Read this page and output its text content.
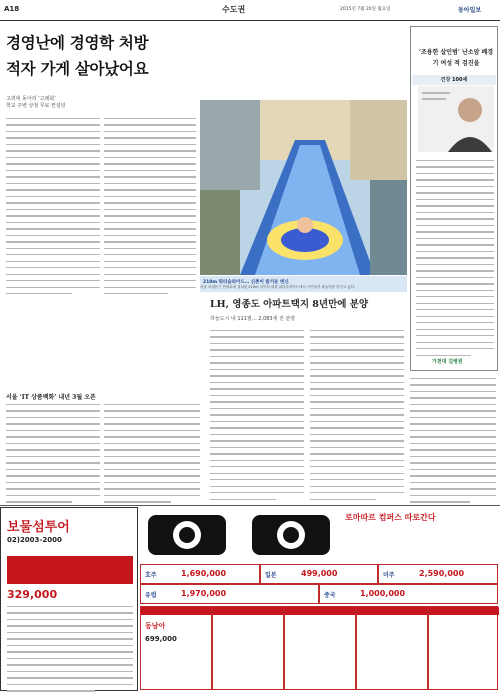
A18	수도권	2015년 7월 20일 월요일	동아일보
경영난에 경영학 처방
적자 가게 살아났어요
고려대 동아리 ‘고래회’
학교 주변 상점 무료 컨설팅
210m 워터슬라이드… 신촌이 즐거운 변신
서울 서대문구 연세로에 설치된 210m 길이의 대형 워터슬라이드에서 시민들이 물놀이를 즐기고 있다.
‘조용한 살인범’ 난소암 폐경기 여성 적 검진을
건강 100세
가천대 길병원
LH, 영종도 아파트택지 8년만에 분양
하늘도시 내 111필… 2,083세 전 분양
서울 ‘IT 상품백화’ 내년 3월 오픈
보물섬투어
02)2003-2000
329,000
로마따르 컴퍼스 따로간다
호주	1,690,000	일본	499,000	미주	2,590,000
유럽	1,970,000	중국	1,000,000
동남아
699,000
